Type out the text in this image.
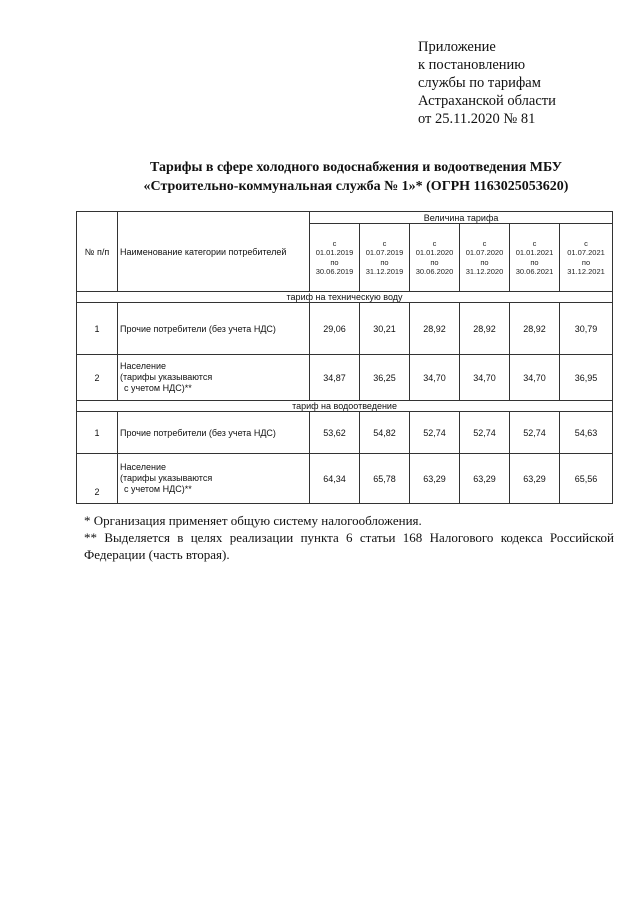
Приложение
к постановлению
службы по тарифам
Астраханской области
от 25.11.2020 № 81
Тарифы в сфере холодного водоснабжения и водоотведения МБУ
«Строительно-коммунальная служба № 1»* (ОГРН 1163025053620)
№ п/п	Наименование категории потребителей	Величина тарифа					

		с
01.01.2019
по
30.06.2019	с
01.07.2019
по
31.12.2019	с
01.01.2020
по
30.06.2020	с
01.07.2020
по
31.12.2020	с
01.01.2021
по
30.06.2021	с
01.07.2021
по
31.12.2021

тариф на техническую воду							
1	Прочие потребители (без учета НДС)	29,06	30,21	28,92	28,92	28,92	30,79
2	Население
(тарифы указываются
с учетом НДС)**	34,87	36,25	34,70	34,70	34,70	36,95
тариф на водоотведение							
1	Прочие потребители (без учета НДС)	53,62	54,82	52,74	52,74	52,74	54,63
2	Население
(тарифы указываются
с учетом НДС)**	64,34	65,78	63,29	63,29	63,29	65,56
* Организация применяет общую систему налогообложения.
** Выделяется в целях реализации пункта 6 статьи 168 Налогового кодекса Российской Федерации (часть вторая).
